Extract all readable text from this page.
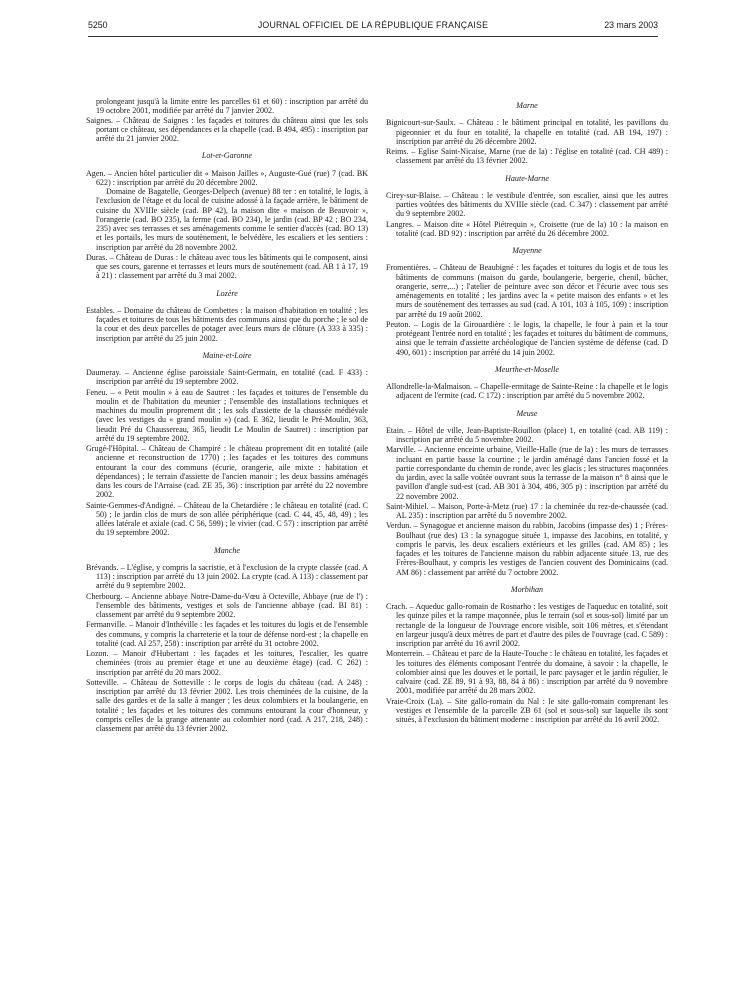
5250	JOURNAL OFFICIEL DE LA RÉPUBLIQUE FRANÇAISE	23 mars 2003

prolongeant jusqu'à la limite entre les parcelles 61 et 60) : inscription par arrêté du 19 octobre 2001, modifiée par arrêté du 7 janvier 2002.

Saignes. – Château de Saignes : les façades et toitures du château ainsi que les sols portant ce château, ses dépendances et la chapelle (cad. B 494, 495) : inscription par arrêté du 21 janvier 2002.

Lot-et-Garonne

Agen. – Ancien hôtel particulier dit « Maison Jailles », Auguste-Gué (rue) 7 (cad. BK 622) : inscription par arrêté du 20 décembre 2002.

Domaine de Bagatelle, Georges-Delpech (avenue) 88 ter : en totalité, le logis, à l'exclusion de l'étage et du local de cuisine adossé à la façade arrière, le bâtiment de cuisine du XVIIIe siècle (cad. BP 42), la maison dite « maison de Beauvoir », l'orangerie (cad. BO 235), la ferme (cad. BO 234), le jardin (cad. BP 42 ; BO 234, 235) avec ses terrasses et ses aménagements comme le sentier d'accès (cad. BO 13) et les portails, les murs de soutènement, le belvédère, les escaliers et les sentiers : inscription par arrêté du 28 novembre 2002.

Duras. – Château de Duras : le château avec tous les bâtiments qui le composent, ainsi que ses cours, garenne et terrasses et leurs murs de soutènement (cad. AB 1 à 17, 19 à 21) : classement par arrêté du 3 mai 2002.

Lozère

Estables. – Domaine du château de Combettes : la maison d'habitation en totalité ; les façades et toitures de tous les bâtiments des communs ainsi que du porche ; le sol de la cour et des deux parcelles de potager avec leurs murs de clôture (A 333 à 335) : inscription par arrêté du 25 juin 2002.

Maine-et-Loire

Daumeray. – Ancienne église paroissiale Saint-Germain, en totalité (cad. F 433) : inscription par arrêté du 19 septembre 2002.

Feneu. – « Petit moulin » à eau de Sautret : les façades et toitures de l'ensemble du moulin et de l'habitation du meunier ; l'ensemble des installations techniques et machines du moulin proprement dit ; les sols d'assiette de la chaussée médiévale (avec les vestiges du « grand moulin ») (cad. E 362, lieudit le Pré-Moulin, 363, lieudit Pré du Chaussereau, 365, lieudit Le Moulin de Sautret) : inscription par arrêté du 19 septembre 2002.

Grugé-l'Hôpital. – Château de Champiré : le château proprement dit en totalité (aile ancienne et reconstruction de 1770) ; les façades et les toitures des communs entourant la cour des communs (écurie, orangerie, aile mixte : habitation et dépendances) ; le terrain d'assiette de l'ancien manoir ; les deux bassins aménagés dans les cours de l'Arraise (cad. ZE 35, 36) : inscription par arrêté du 22 novembre 2002.

Sainte-Gemmes-d'Andigné. – Château de la Chetardière : le château en totalité (cad. C 50) ; le jardin clos de murs de son allée périphérique (cad. C 44, 45, 48, 49) ; les allées latérale et axiale (cad. C 56, 599) ; le vivier (cad. C 57) : inscription par arrêté du 19 septembre 2002.

Manche

Brévands. – L'église, y compris la sacristie, et à l'exclusion de la crypte classée (cad. A 113) : inscription par arrêté du 13 juin 2002. La crypte (cad. A 113) : classement par arrêté du 9 septembre 2002.

Cherbourg. – Ancienne abbaye Notre-Dame-du-Vœu à Octeville, Abbaye (rue de l') : l'ensemble des bâtiments, vestiges et sols de l'ancienne abbaye (cad. BI 81) : classement par arrêté du 9 septembre 2002.

Fermanville. – Manoir d'Inthéville : les façades et les toitures du logis et de l'ensemble des communs, y compris la charreterie et la tour de défense nord-est ; la chapelle en totalité (cad. AI 257, 258) : inscription par arrêté du 31 octobre 2002.

Lozon. – Manoir d'Hubertant : les façades et les toitures, l'escalier, les quatre cheminées (trois au premier étage et une au deuxième étage) (cad. C 262) : inscription par arrêté du 20 mars 2002.

Sotteville. – Château de Sotteville : le corps de logis du château (cad. A 248) : inscription par arrêté du 13 février 2002. Les trois cheminées de la cuisine, de la salle des gardes et de la salle à manger ; les deux colombiers et la boulangerie, en totalité ; les façades et les toitures des communs entourant la cour d'honneur, y compris celles de la grange attenante au colombier nord (cad. A 217, 218, 248) : classement par arrêté du 13 février 2002.

Marne

Bignicourt-sur-Saulx. – Château : le bâtiment principal en totalité, les pavillons du pigeonnier et du four en totalité, la chapelle en totalité (cad. AB 194, 197) : inscription par arrêté du 26 décembre 2002.

Reims. – Eglise Saint-Nicaise, Marne (rue de la) : l'église en totalité (cad. CH 489) : classement par arrêté du 13 février 2002.

Haute-Marne

Cirey-sur-Blaise. – Château : le vestibule d'entrée, son escalier, ainsi que les autres parties voûtées des bâtiments du XVIIIe siècle (cad. C 347) : classement par arrêté du 9 septembre 2002.

Langres. – Maison dite « Hôtel Piétrequin », Croisette (rue de la) 10 : la maison en totalité (cad. BD 92) : inscription par arrêté du 26 décembre 2002.

Mayenne

Fromentières. – Château de Beaubigné : les façades et toitures du logis et de tous les bâtiments de communs (maison du garde, boulangerie, bergerie, chenil, bûcher, orangerie, serre,...) ; l'atelier de peinture avec son décor et l'écurie avec tous ses aménagements en totalité ; les jardins avec la « petite maison des enfants » et les murs de soutènement des terrasses au sud (cad. A 101, 103 à 105, 109) : inscription par arrêté du 19 août 2002.

Peuton. – Logis de la Girouardière : le logis, la chapelle, le four à pain et la tour protégeant l'entrée nord en totalité ; les façades et toitures du bâtiment de communs, ainsi que le terrain d'assiette archéologique de l'ancien système de défense (cad. D 490, 601) : inscription par arrêté du 14 juin 2002.

Meurthe-et-Moselle

Allondrelle-la-Malmaison. – Chapelle-ermitage de Sainte-Reine : la chapelle et le logis adjacent de l'ermite (cad. C 172) : inscription par arrêté du 5 novembre 2002.

Meuse

Etain. – Hôtel de ville, Jean-Baptiste-Rouillon (place) 1, en totalité (cad. AB 119) : inscription par arrêté du 5 novembre 2002.

Marville. – Ancienne enceinte urbaine, Vieille-Halle (rue de la) : les murs de terrasses incluant en partie basse la courtine ; le jardin aménagé dans l'ancien fossé et la partie correspondante du chemin de ronde, avec les glacis ; les structures maçonnées du jardin, avec la salle voûtée ouvrant sous la terrasse de la maison n° 8 ainsi que le pavillon d'angle sud-est (cad. AB 301 à 304, 486, 305 p) : inscription par arrêté du 22 novembre 2002.

Saint-Mihiel. – Maison, Porte-à-Metz (rue) 17 : la cheminée du rez-de-chaussée (cad. AL 235) : inscription par arrêté du 5 novembre 2002.

Verdun. – Synagogue et ancienne maison du rabbin, Jacobins (impasse des) 1 ; Frères-Boulhaut (rue des) 13 : la synagogue située 1, impasse des Jacobins, en totalité, y compris le parvis, les deux escaliers extérieurs et les grilles (cad. AM 85) ; les façades et les toitures de l'ancienne maison du rabbin adjacente située 13, rue des Frères-Boulhaut, y compris les vestiges de l'ancien couvent des Dominicains (cad. AM 86) : classement par arrêté du 7 octobre 2002.

Morbihan

Crach. – Aqueduc gallo-romain de Rosnarho : les vestiges de l'aqueduc en totalité, soit les quinze piles et la rampe maçonnée, plus le terrain (sol et sous-sol) limité par un rectangle de la longueur de l'ouvrage encore visible, soit 106 mètres, et s'étendant en largeur jusqu'à deux mètres de part et d'autre des piles de l'ouvrage (cad. C 589) : inscription par arrêté du 16 avril 2002.

Monterrein. – Château et parc de la Haute-Touche : le château en totalité, les façades et les toitures des éléments composant l'entrée du domaine, à savoir : la chapelle, le colombier ainsi que les douves et le portail, le parc paysager et le jardin régulier, le calvaire (cad. ZE 89, 91 à 93, 88, 84 à 86) : inscription par arrêté du 9 novembre 2001, modifiée par arrêté du 28 mars 2002.

Vraie-Croix (La). – Site gallo-romain du Nal : le site gallo-romain comprenant les vestiges et l'ensemble de la parcelle ZB 61 (sol et sous-sol) sur laquelle ils sont situés, à l'exclusion du bâtiment moderne : inscription par arrêté du 16 avril 2002.
